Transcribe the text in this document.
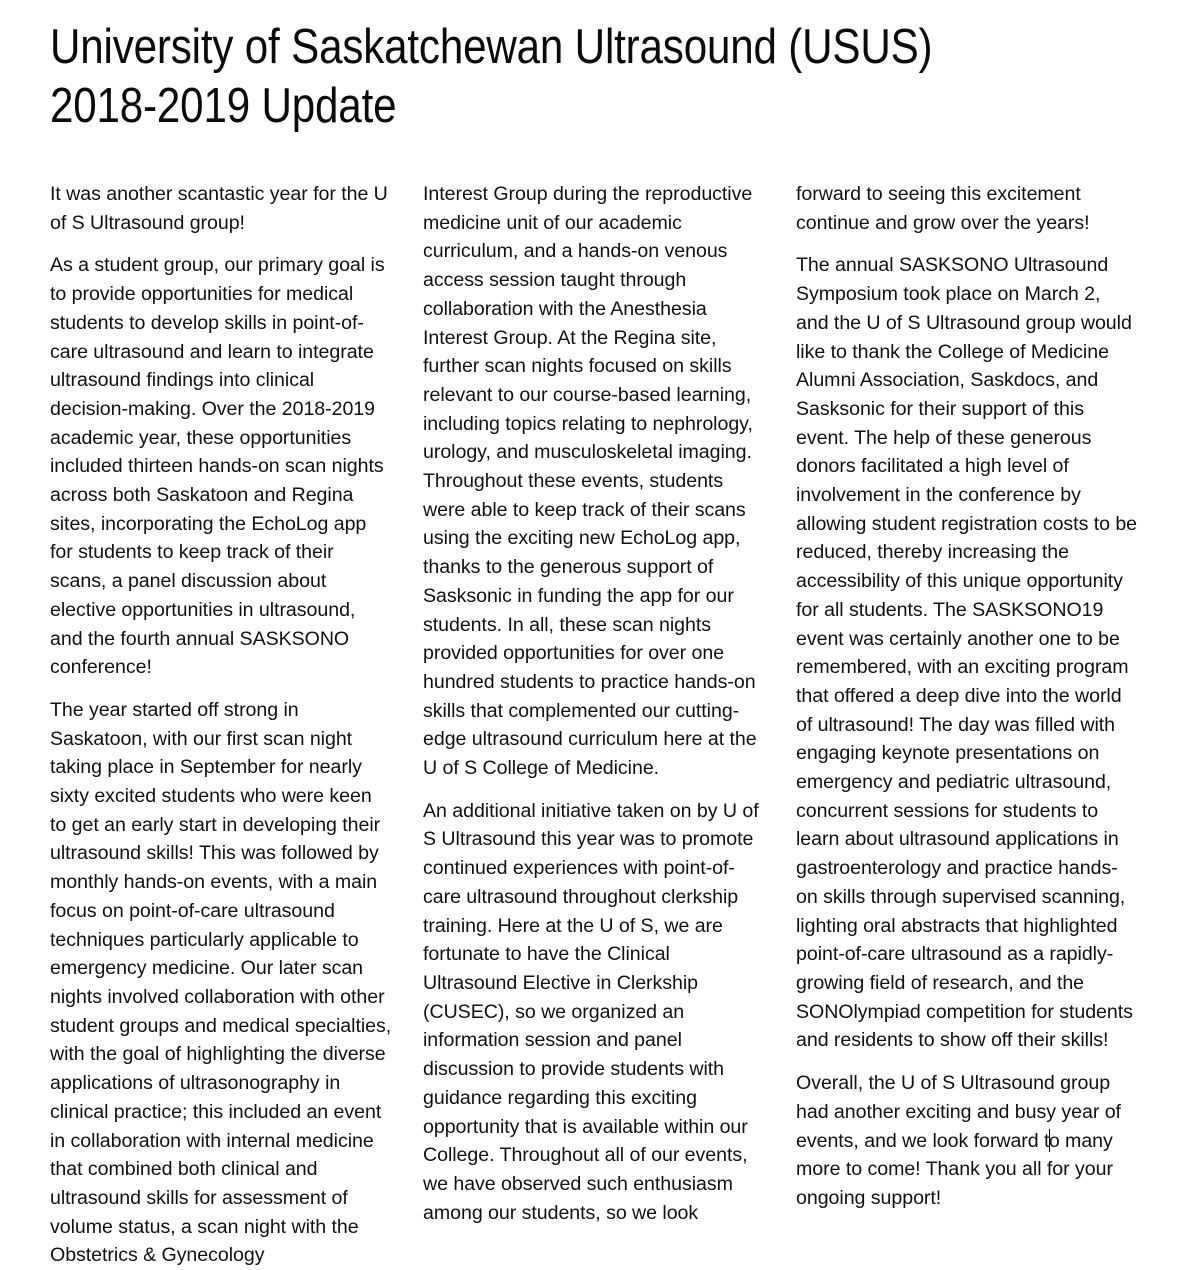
University of Saskatchewan Ultrasound (USUS)
2018-2019 Update

It was another scantastic year for the U of S Ultrasound group!

As a student group, our primary goal is to provide opportunities for medical students to develop skills in point-of-care ultrasound and learn to integrate ultrasound findings into clinical decision-making. Over the 2018-2019 academic year, these opportunities included thirteen hands-on scan nights across both Saskatoon and Regina sites, incorporating the EchoLog app for students to keep track of their scans, a panel discussion about elective opportunities in ultrasound, and the fourth annual SASKSONO conference!

The year started off strong in Saskatoon, with our first scan night taking place in September for nearly sixty excited students who were keen to get an early start in developing their ultrasound skills! This was followed by monthly hands-on events, with a main focus on point-of-care ultrasound techniques particularly applicable to emergency medicine. Our later scan nights involved collaboration with other student groups and medical specialties, with the goal of highlighting the diverse applications of ultrasonography in clinical practice; this included an event in collaboration with internal medicine that combined both clinical and ultrasound skills for assessment of volume status, a scan night with the Obstetrics & Gynecology

Interest Group during the reproductive medicine unit of our academic curriculum, and a hands-on venous access session taught through collaboration with the Anesthesia Interest Group. At the Regina site, further scan nights focused on skills relevant to our course-based learning, including topics relating to nephrology, urology, and musculoskeletal imaging. Throughout these events, students were able to keep track of their scans using the exciting new EchoLog app, thanks to the generous support of Sasksonic in funding the app for our students. In all, these scan nights provided opportunities for over one hundred students to practice hands-on skills that complemented our cutting-edge ultrasound curriculum here at the U of S College of Medicine.

An additional initiative taken on by U of S Ultrasound this year was to promote continued experiences with point-of-care ultrasound throughout clerkship training. Here at the U of S, we are fortunate to have the Clinical Ultrasound Elective in Clerkship (CUSEC), so we organized an information session and panel discussion to provide students with guidance regarding this exciting opportunity that is available within our College. Throughout all of our events, we have observed such enthusiasm among our students, so we look

forward to seeing this excitement continue and grow over the years!

The annual SASKSONO Ultrasound Symposium took place on March 2, and the U of S Ultrasound group would like to thank the College of Medicine Alumni Association, Saskdocs, and Sasksonic for their support of this event. The help of these generous donors facilitated a high level of involvement in the conference by allowing student registration costs to be reduced, thereby increasing the accessibility of this unique opportunity for all students. The SASKSONO19 event was certainly another one to be remembered, with an exciting program that offered a deep dive into the world of ultrasound! The day was filled with engaging keynote presentations on emergency and pediatric ultrasound, concurrent sessions for students to learn about ultrasound applications in gastroenterology and practice hands-on skills through supervised scanning, lighting oral abstracts that highlighted point-of-care ultrasound as a rapidly-growing field of research, and the SONOlympiad competition for students and residents to show off their skills!

Overall, the U of S Ultrasound group had another exciting and busy year of events, and we look forward to many more to come! Thank you all for your ongoing support!
